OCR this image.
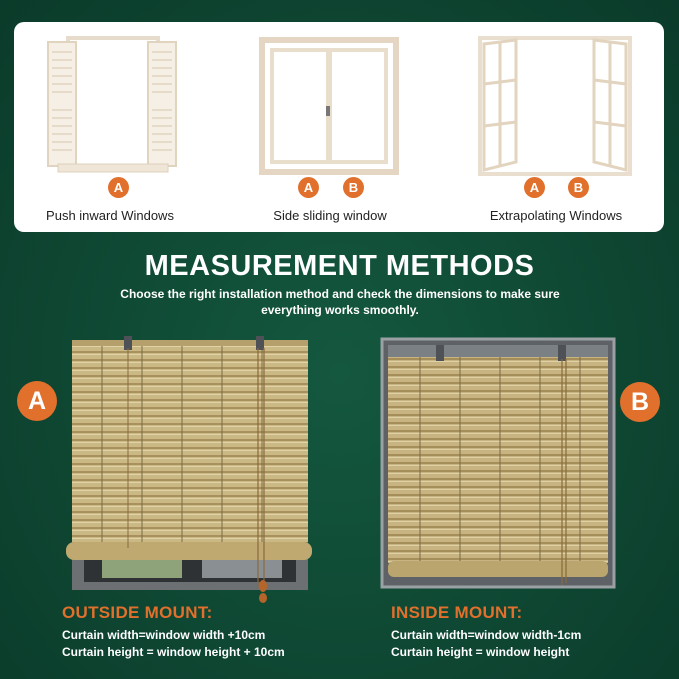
A	A	B	A	B
Push inward Windows	Side sliding window	Extrapolating Windows
MEASUREMENT METHODS
Choose the right installation method and check the dimensions to make sure everything works smoothly.
A	B
OUTSIDE MOUNT:
Curtain width=window width +10cm
Curtain height = window height + 10cm
INSIDE MOUNT:
Curtain width=window width-1cm
Curtain height = window height
